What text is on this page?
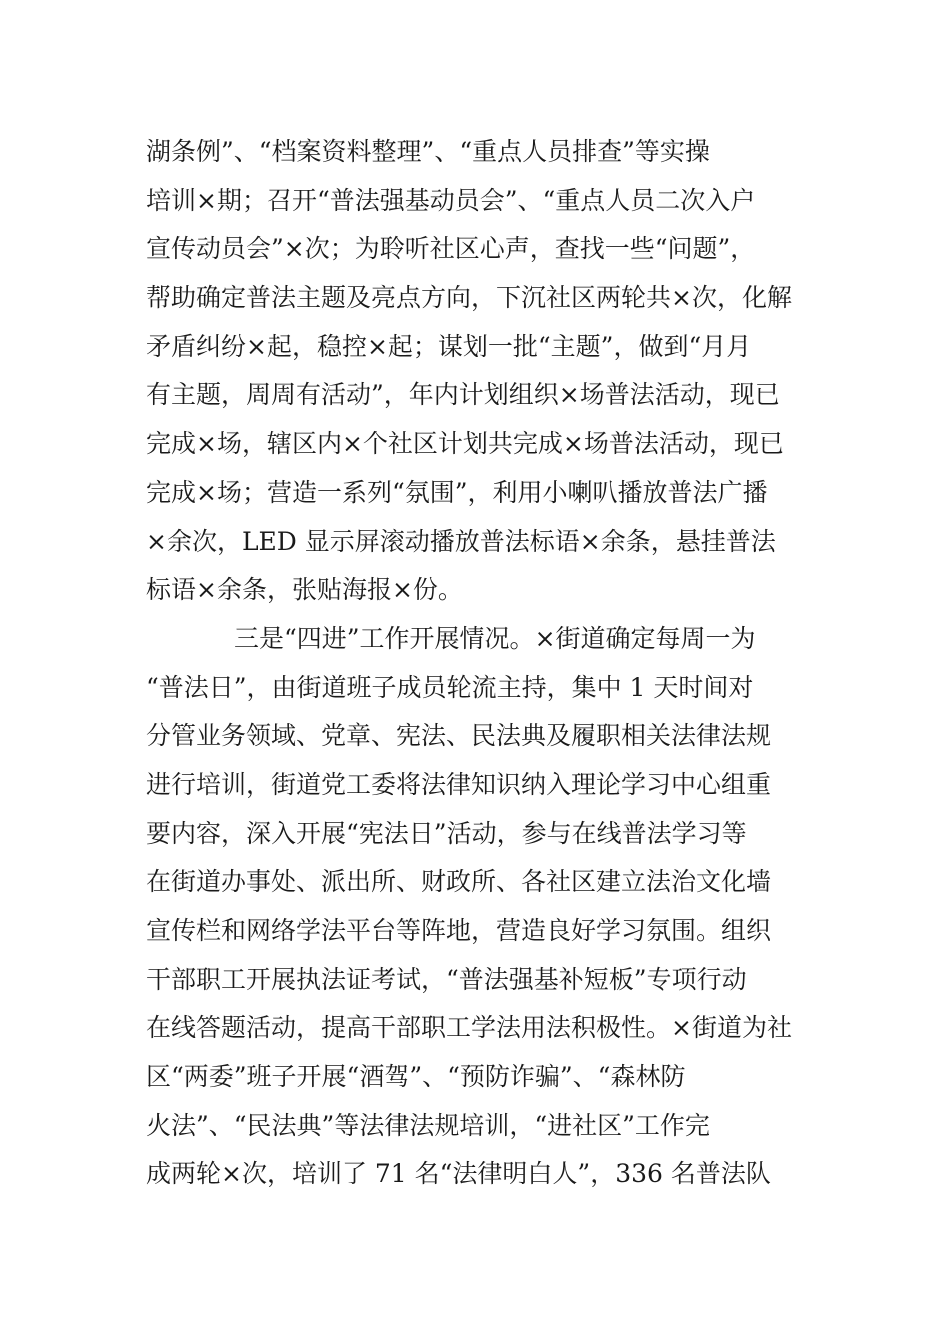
湖条例”、“档案资料整理”、“重点人员排查”等实操
培训×期；召开“普法强基动员会”、“重点人员二次入户
宣传动员会”×次；为聆听社区心声，查找一些“问题”，
帮助确定普法主题及亮点方向，下沉社区两轮共×次，化解
矛盾纠纷×起，稳控×起；谋划一批“主题”，做到“月月
有主题，周周有活动”，年内计划组织×场普法活动，现已
完成×场，辖区内×个社区计划共完成×场普法活动，现已
完成×场；营造一系列“氛围”，利用小喇叭播放普法广播
×余次，LED 显示屏滚动播放普法标语×余条，悬挂普法
标语×余条，张贴海报×份。
三是“四进”工作开展情况。×街道确定每周一为
“普法日”，由街道班子成员轮流主持，集中 1 天时间对
分管业务领域、党章、宪法、民法典及履职相关法律法规
进行培训，街道党工委将法律知识纳入理论学习中心组重
要内容，深入开展“宪法日”活动，参与在线普法学习等
在街道办事处、派出所、财政所、各社区建立法治文化墙
宣传栏和网络学法平台等阵地，营造良好学习氛围。组织
干部职工开展执法证考试，“普法强基补短板”专项行动
在线答题活动，提高干部职工学法用法积极性。×街道为社
区“两委”班子开展“酒驾”、“预防诈骗”、“森林防
火法”、“民法典”等法律法规培训，“进社区”工作完
成两轮×次，培训了 71 名“法律明白人”，336 名普法队
